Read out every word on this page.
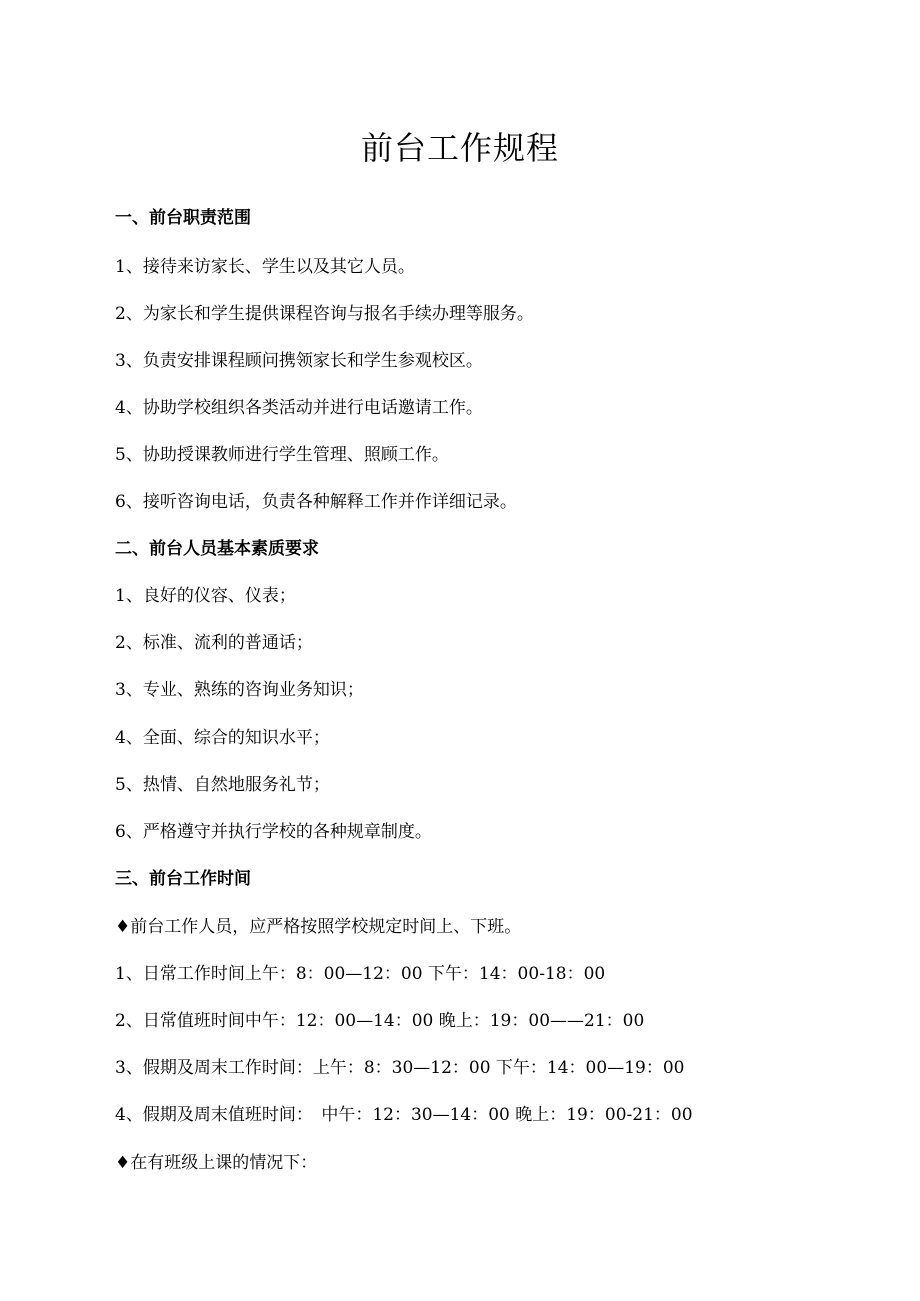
前台工作规程

一、前台职责范围

1、接待来访家长、学生以及其它人员。

2、为家长和学生提供课程咨询与报名手续办理等服务。

3、负责安排课程顾问携领家长和学生参观校区。

4、协助学校组织各类活动并进行电话邀请工作。

5、协助授课教师进行学生管理、照顾工作。

6、接听咨询电话，负责各种解释工作并作详细记录。

二、前台人员基本素质要求

1、良好的仪容、仪表；

2、标准、流利的普通话；

3、专业、熟练的咨询业务知识；

4、全面、综合的知识水平；

5、热情、自然地服务礼节；

6、严格遵守并执行学校的各种规章制度。

三、前台工作时间

♦前台工作人员，应严格按照学校规定时间上、下班。

1、日常工作时间上午：8：00—12：00 下午：14：00-18：00

2、日常值班时间中午：12：00—14：00 晚上：19：00——21：00

3、假期及周末工作时间：上午：8：30—12：00 下午：14：00—19：00

4、假期及周末值班时间：　中午：12：30—14：00 晚上：19：00-21：00

♦在有班级上课的情况下：
